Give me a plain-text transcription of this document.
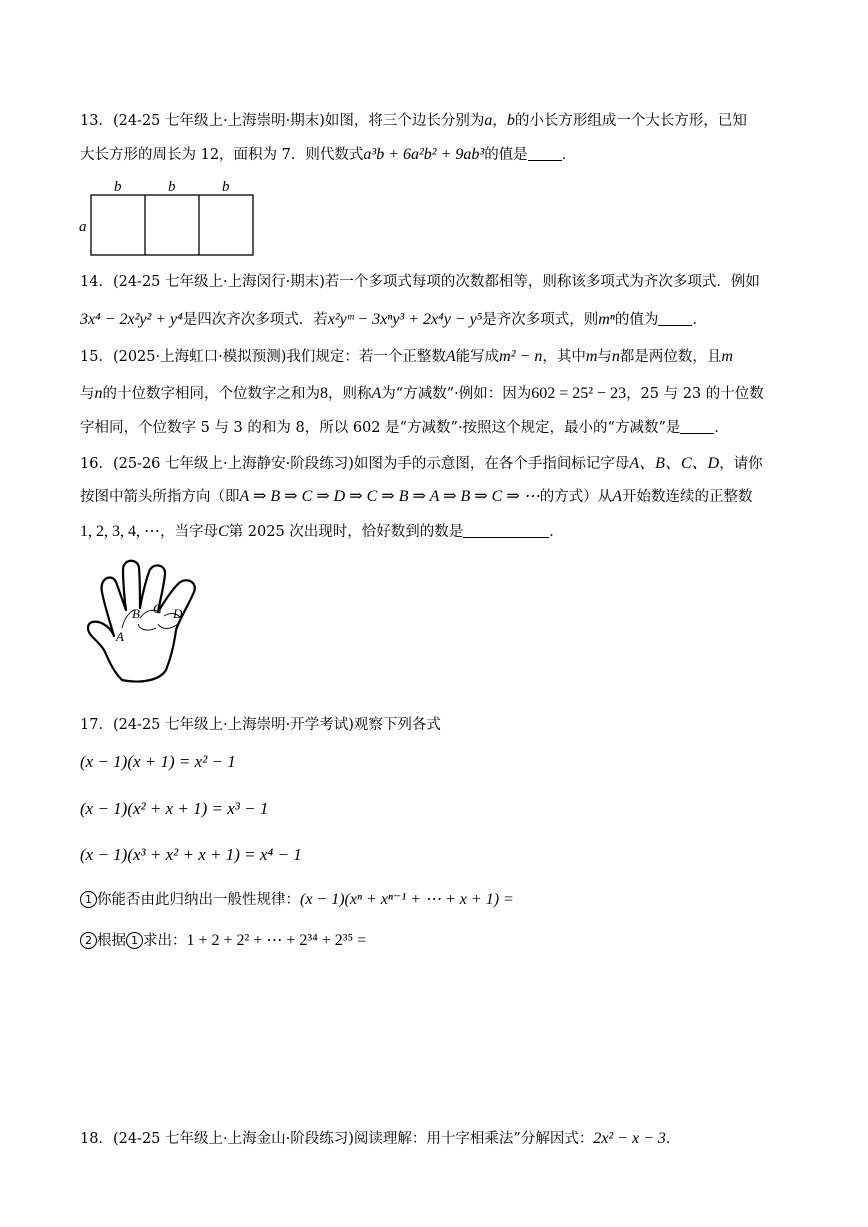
13．(24-25 七年级上·上海崇明·期末)如图，将三个边长分别为a，b的小长方形组成一个大长方形，已知
大长方形的周长为 12，面积为 7．则代数式a³b + 6a²b² + 9ab³的值是 ．
b	b	b
a
14．(24-25 七年级上·上海闵行·期末)若一个多项式每项的次数都相等，则称该多项式为齐次多项式．例如
3x⁴ − 2x²y² + y⁴是四次齐次多项式．若x²yᵐ − 3xⁿy³ + 2x⁴y − y⁵是齐次多项式，则mⁿ的值为 ．
15．(2025·上海虹口·模拟预测)我们规定：若一个正整数A能写成m² − n，其中m与n都是两位数，且m
与n的十位数字相同，个位数字之和为8，则称A为“方减数”·例如：因为602 = 25² − 23，25 与 23 的十位数
字相同，个位数字 5 与 3 的和为 8，所以 602 是“方减数”·按照这个规定，最小的“方减数”是 ．
16．(25-26 七年级上·上海静安·阶段练习)如图为手的示意图，在各个手指间标记字母A、B、C、D，请你
按图中箭头所指方向（即A ⇒ B ⇒ C ⇒ D ⇒ C ⇒ B ⇒ A ⇒ B ⇒ C ⇒ ⋯的方式）从A开始数连续的正整数
1, 2, 3, 4, ⋯，当字母C第 2025 次出现时，恰好数到的数是	．
A
B C D
17．(24-25 七年级上·上海崇明·开学考试)观察下列各式
(x − 1)(x + 1) = x² − 1
(x − 1)(x² + x + 1) = x³ − 1
(x − 1)(x³ + x² + x + 1) = x⁴ − 1
1 你能否由此归纳出一般性规律：(x − 1)(xⁿ + xⁿ⁻¹ + ⋯ + x + 1) =
2 根据 1 求出：1 + 2 + 2² + ⋯ + 2³⁴ + 2³⁵ =
18．(24-25 七年级上·上海金山·阶段练习)阅读理解：用十字相乘法”分解因式：2x² − x − 3．
